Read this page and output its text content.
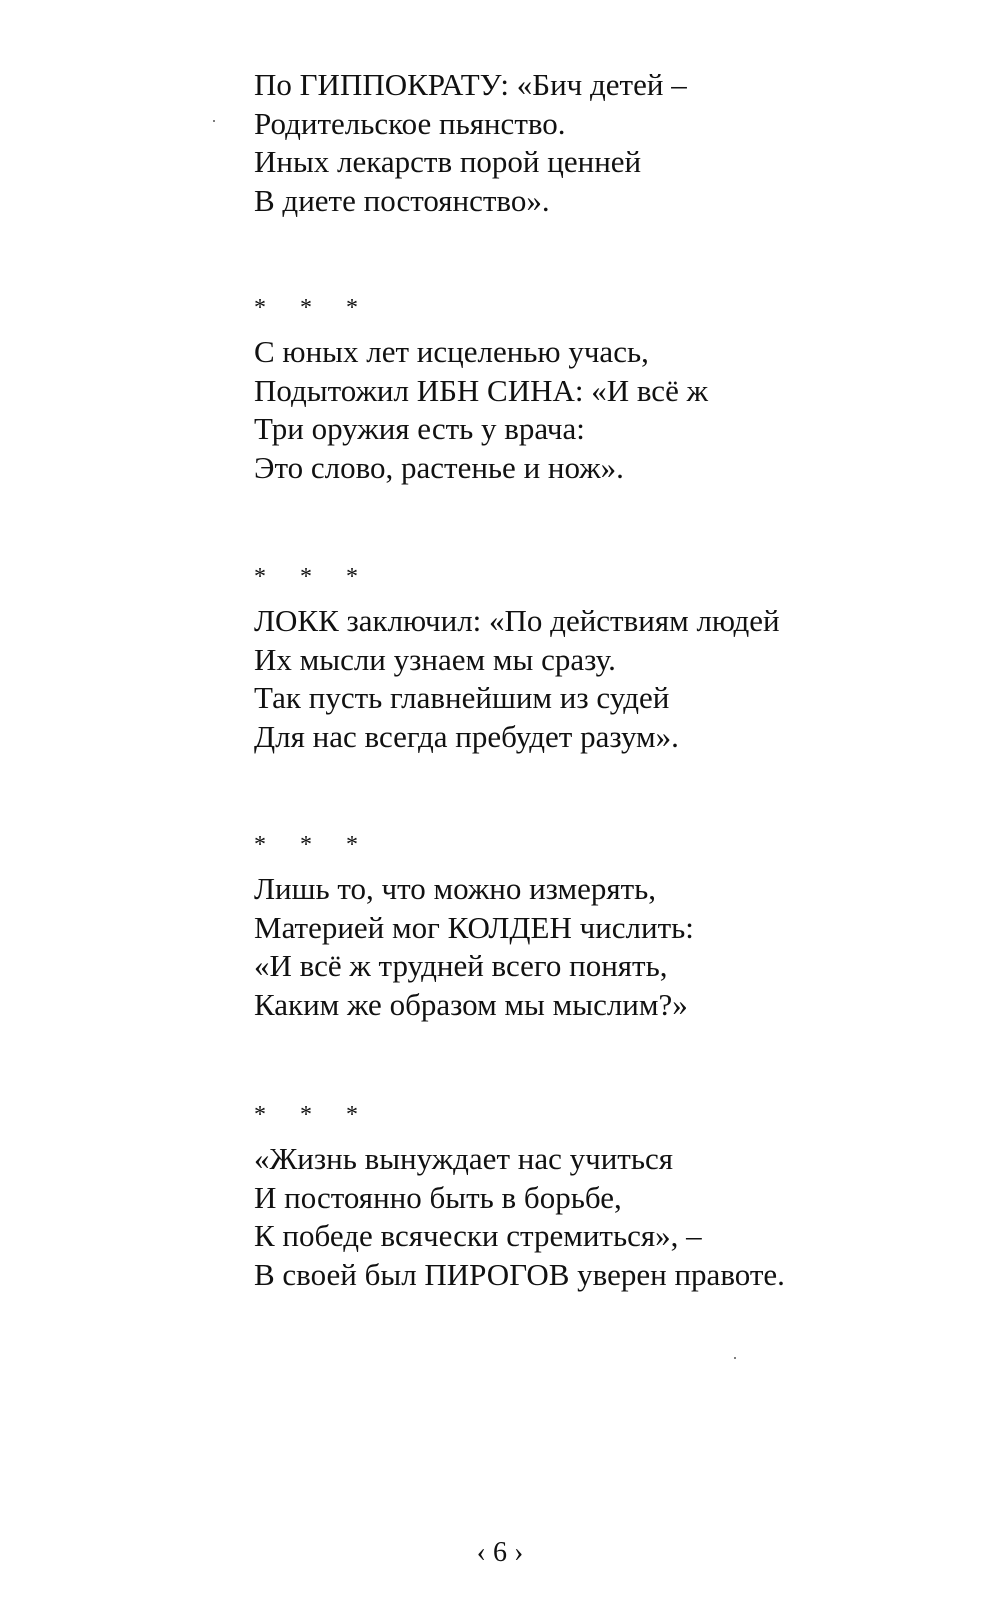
По ГИППОКРАТУ: «Бич детей –
Родительское пьянство.
Иных лекарств порой ценней
В диете постоянство».
* * *
С юных лет исцеленью учась,
Подытожил ИБН СИНА: «И всё ж
Три оружия есть у врача:
Это слово, растенье и нож».
* * *
ЛОКК заключил: «По действиям людей
Их мысли узнаем мы сразу.
Так пусть главнейшим из судей
Для нас всегда пребудет разум».
* * *
Лишь то, что можно измерять,
Материей мог КОЛДЕН числить:
«И всё ж трудней всего понять,
Каким же образом мы мыслим?»
* * *
«Жизнь вынуждает нас учиться
И постоянно быть в борьбе,
К победе всячески стремиться», –
В своей был ПИРОГОВ уверен правоте.
‹ 6 ›
